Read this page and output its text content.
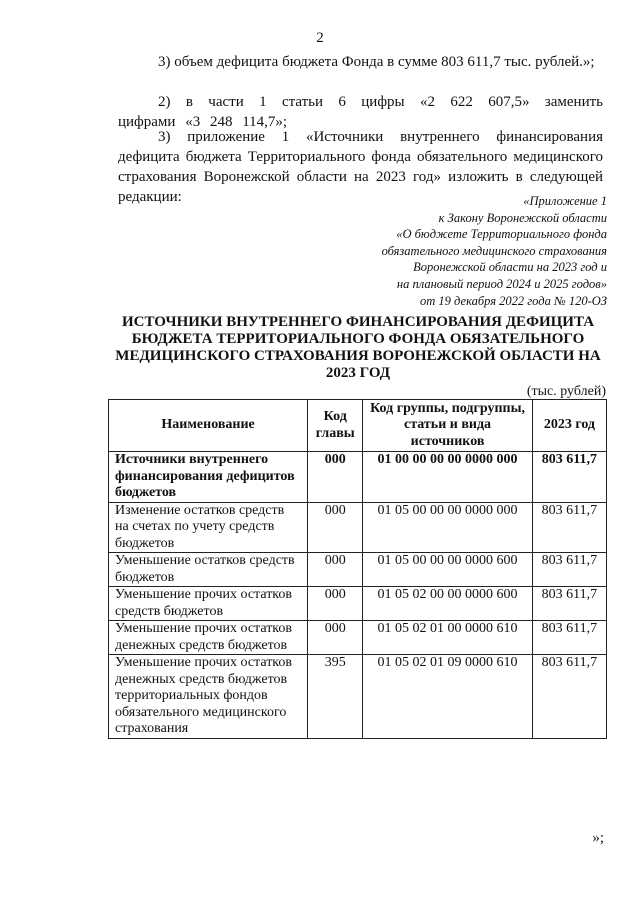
2

3) объем дефицита бюджета Фонда в сумме 803 611,7 тыс. рублей.»;

2) в части 1 статьи 6 цифры «2 622 607,5» заменить цифрами «3 248 114,7»;

3) приложение 1 «Источники внутреннего финансирования дефицита бюджета Территориального фонда обязательного медицинского страхования Воронежской области на 2023 год» изложить в следующей редакции:	«Приложение 1
к Закону Воронежской области
«О бюджете Территориального фонда
обязательного медицинского страхования
Воронежской области на 2023 год и
на плановый период 2024 и 2025 годов»
от 19 декабря 2022 года № 120-ОЗ
ИСТОЧНИКИ ВНУТРЕННЕГО ФИНАНСИРОВАНИЯ ДЕФИЦИТА БЮДЖЕТА ТЕРРИТОРИАЛЬНОГО ФОНДА ОБЯЗАТЕЛЬНОГО МЕДИЦИНСКОГО СТРАХОВАНИЯ ВОРОНЕЖСКОЙ ОБЛАСТИ НА 2023 ГОД
(тыс. рублей)
Наименование	Код главы	Код группы, подгруппы, статьи и вида источников	2023 год
Источники внутреннего финансирования дефицитов бюджетов	000	01 00 00 00 00 0000 000	803 611,7
Изменение остатков средств на счетах по учету средств бюджетов	000	01 05 00 00 00 0000 000	803 611,7
Уменьшение остатков средств бюджетов	000	01 05 00 00 00 0000 600	803 611,7
Уменьшение прочих остатков средств бюджетов	000	01 05 02 00 00 0000 600	803 611,7
Уменьшение прочих остатков денежных средств бюджетов	000	01 05 02 01 00 0000 610	803 611,7
Уменьшение прочих остатков денежных средств бюджетов территориальных фондов обязательного медицинского страхования	395	01 05 02 01 09 0000 610	803 611,7
»;
